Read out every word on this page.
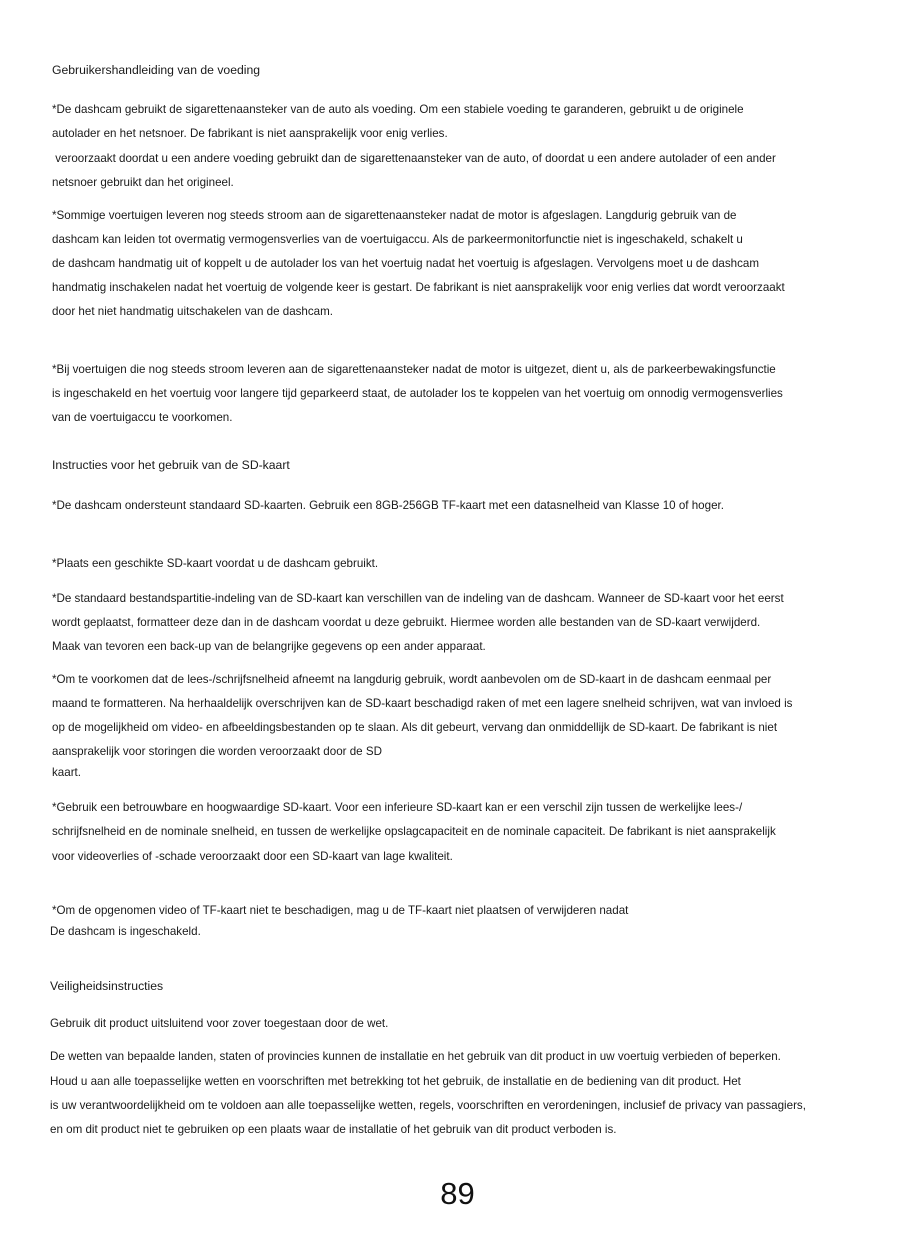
Gebruikershandleiding van de voeding

*De dashcam gebruikt de sigarettenaansteker van de auto als voeding. Om een stabiele voeding te garanderen, gebruikt u de originele

autolader en het netsnoer. De fabrikant is niet aansprakelijk voor enig verlies.

veroorzaakt doordat u een andere voeding gebruikt dan de sigarettenaansteker van de auto, of doordat u een andere autolader of een ander

netsnoer gebruikt dan het origineel.

*Sommige voertuigen leveren nog steeds stroom aan de sigarettenaansteker nadat de motor is afgeslagen. Langdurig gebruik van de

dashcam kan leiden tot overmatig vermogensverlies van de voertuigaccu. Als de parkeermonitorfunctie niet is ingeschakeld, schakelt u

de dashcam handmatig uit of koppelt u de autolader los van het voertuig nadat het voertuig is afgeslagen. Vervolgens moet u de dashcam

handmatig inschakelen nadat het voertuig de volgende keer is gestart. De fabrikant is niet aansprakelijk voor enig verlies dat wordt veroorzaakt

door het niet handmatig uitschakelen van de dashcam.

*Bij voertuigen die nog steeds stroom leveren aan de sigarettenaansteker nadat de motor is uitgezet, dient u, als de parkeerbewakingsfunctie

is ingeschakeld en het voertuig voor langere tijd geparkeerd staat, de autolader los te koppelen van het voertuig om onnodig vermogensverlies

van de voertuigaccu te voorkomen.

Instructies voor het gebruik van de SD-kaart

*De dashcam ondersteunt standaard SD-kaarten. Gebruik een 8GB-256GB TF-kaart met een datasnelheid van Klasse 10 of hoger.

*Plaats een geschikte SD-kaart voordat u de dashcam gebruikt.

*De standaard bestandspartitie-indeling van de SD-kaart kan verschillen van de indeling van de dashcam. Wanneer de SD-kaart voor het eerst

wordt geplaatst, formatteer deze dan in de dashcam voordat u deze gebruikt. Hiermee worden alle bestanden van de SD-kaart verwijderd.

Maak van tevoren een back-up van de belangrijke gegevens op een ander apparaat.

*Om te voorkomen dat de lees-/schrijfsnelheid afneemt na langdurig gebruik, wordt aanbevolen om de SD-kaart in de dashcam eenmaal per

maand te formatteren. Na herhaaldelijk overschrijven kan de SD-kaart beschadigd raken of met een lagere snelheid schrijven, wat van invloed is

op de mogelijkheid om video- en afbeeldingsbestanden op te slaan. Als dit gebeurt, vervang dan onmiddellijk de SD-kaart. De fabrikant is niet

aansprakelijk voor storingen die worden veroorzaakt door de SD

kaart.

*Gebruik een betrouwbare en hoogwaardige SD-kaart. Voor een inferieure SD-kaart kan er een verschil zijn tussen de werkelijke lees-/

schrijfsnelheid en de nominale snelheid, en tussen de werkelijke opslagcapaciteit en de nominale capaciteit. De fabrikant is niet aansprakelijk

voor videoverlies of -schade veroorzaakt door een SD-kaart van lage kwaliteit.

*Om de opgenomen video of TF-kaart niet te beschadigen, mag u de TF-kaart niet plaatsen of verwijderen nadat

De dashcam is ingeschakeld.

Veiligheidsinstructies

Gebruik dit product uitsluitend voor zover toegestaan door de wet.

De wetten van bepaalde landen, staten of provincies kunnen de installatie en het gebruik van dit product in uw voertuig verbieden of beperken.

Houd u aan alle toepasselijke wetten en voorschriften met betrekking tot het gebruik, de installatie en de bediening van dit product. Het

is uw verantwoordelijkheid om te voldoen aan alle toepasselijke wetten, regels, voorschriften en verordeningen, inclusief de privacy van passagiers,

en om dit product niet te gebruiken op een plaats waar de installatie of het gebruik van dit product verboden is.

89
